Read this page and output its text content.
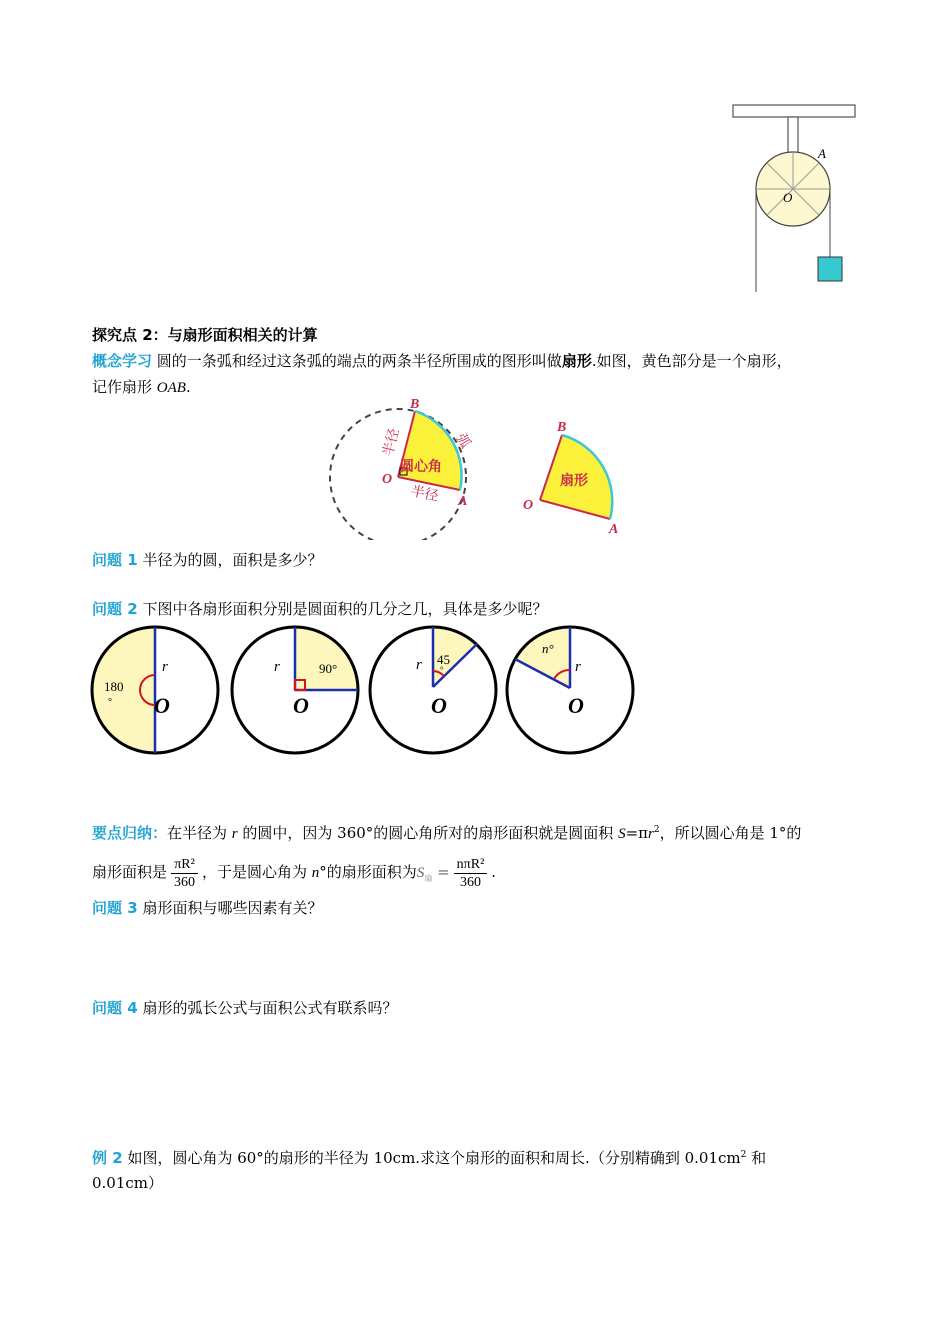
A
O
探究点 2：与扇形面积相关的计算
概念学习 圆的一条弧和经过这条弧的端点的两条半径所围成的图形叫做扇形.如图，黄色部分是一个扇形，
记作扇形 OAB.
B
O
A
半径
半径
弧
圆心角
B
O
A
扇形
问题 1 半径为的圆，面积是多少？
问题 2 下图中各扇形面积分别是圆面积的几分之几，具体是多少呢？
180
°
r
O
90°
r
O
45
°
r
O
n°
r
O
要点归纳：在半径为 r 的圆中，因为 360°的圆心角所对的扇形面积就是圆面积 $S=\pi r^2$，所以圆心角是 1°的
扇形面积是 $\frac{\text{πR²}}{360}$ ，于是圆心角为 n°的扇形面积为$S_扇 = \frac{\text{nπR²}}{360}$ .
问题 3 扇形面积与哪些因素有关？
问题 4 扇形的弧长公式与面积公式有联系吗？
例 2 如图，圆心角为 60°的扇形的半径为 10cm.求这个扇形的面积和周长.（分别精确到 $0.01cm^2$ 和
0.01cm）
